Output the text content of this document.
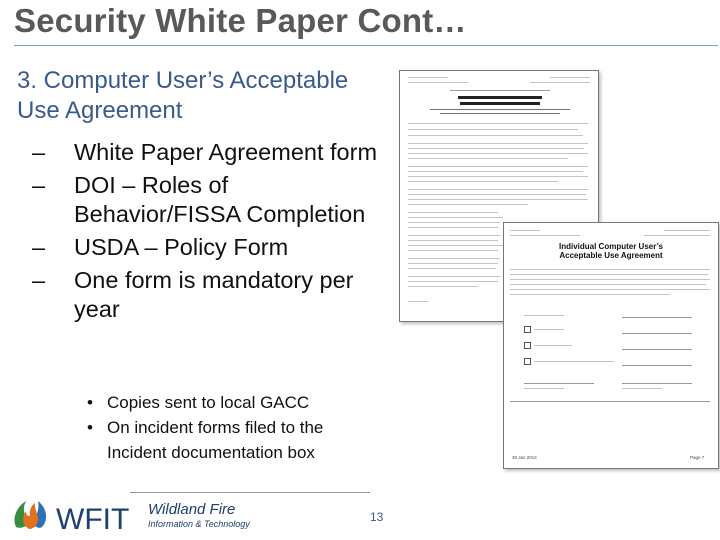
Security White Paper Cont…
3. Computer User’s Acceptable Use Agreement
– White Paper Agreement form
– DOI – Roles of Behavior/FISSA Completion
– USDA – Policy Form
– One form is mandatory per year
• Copies sent to local GACC
• On incident forms filed to the Incident documentation box
Individual Computer User’s
Acceptable Use Agreement
30 Jan 2014	Page 7
WFIT Wildland Fire
Information & Technology	13
